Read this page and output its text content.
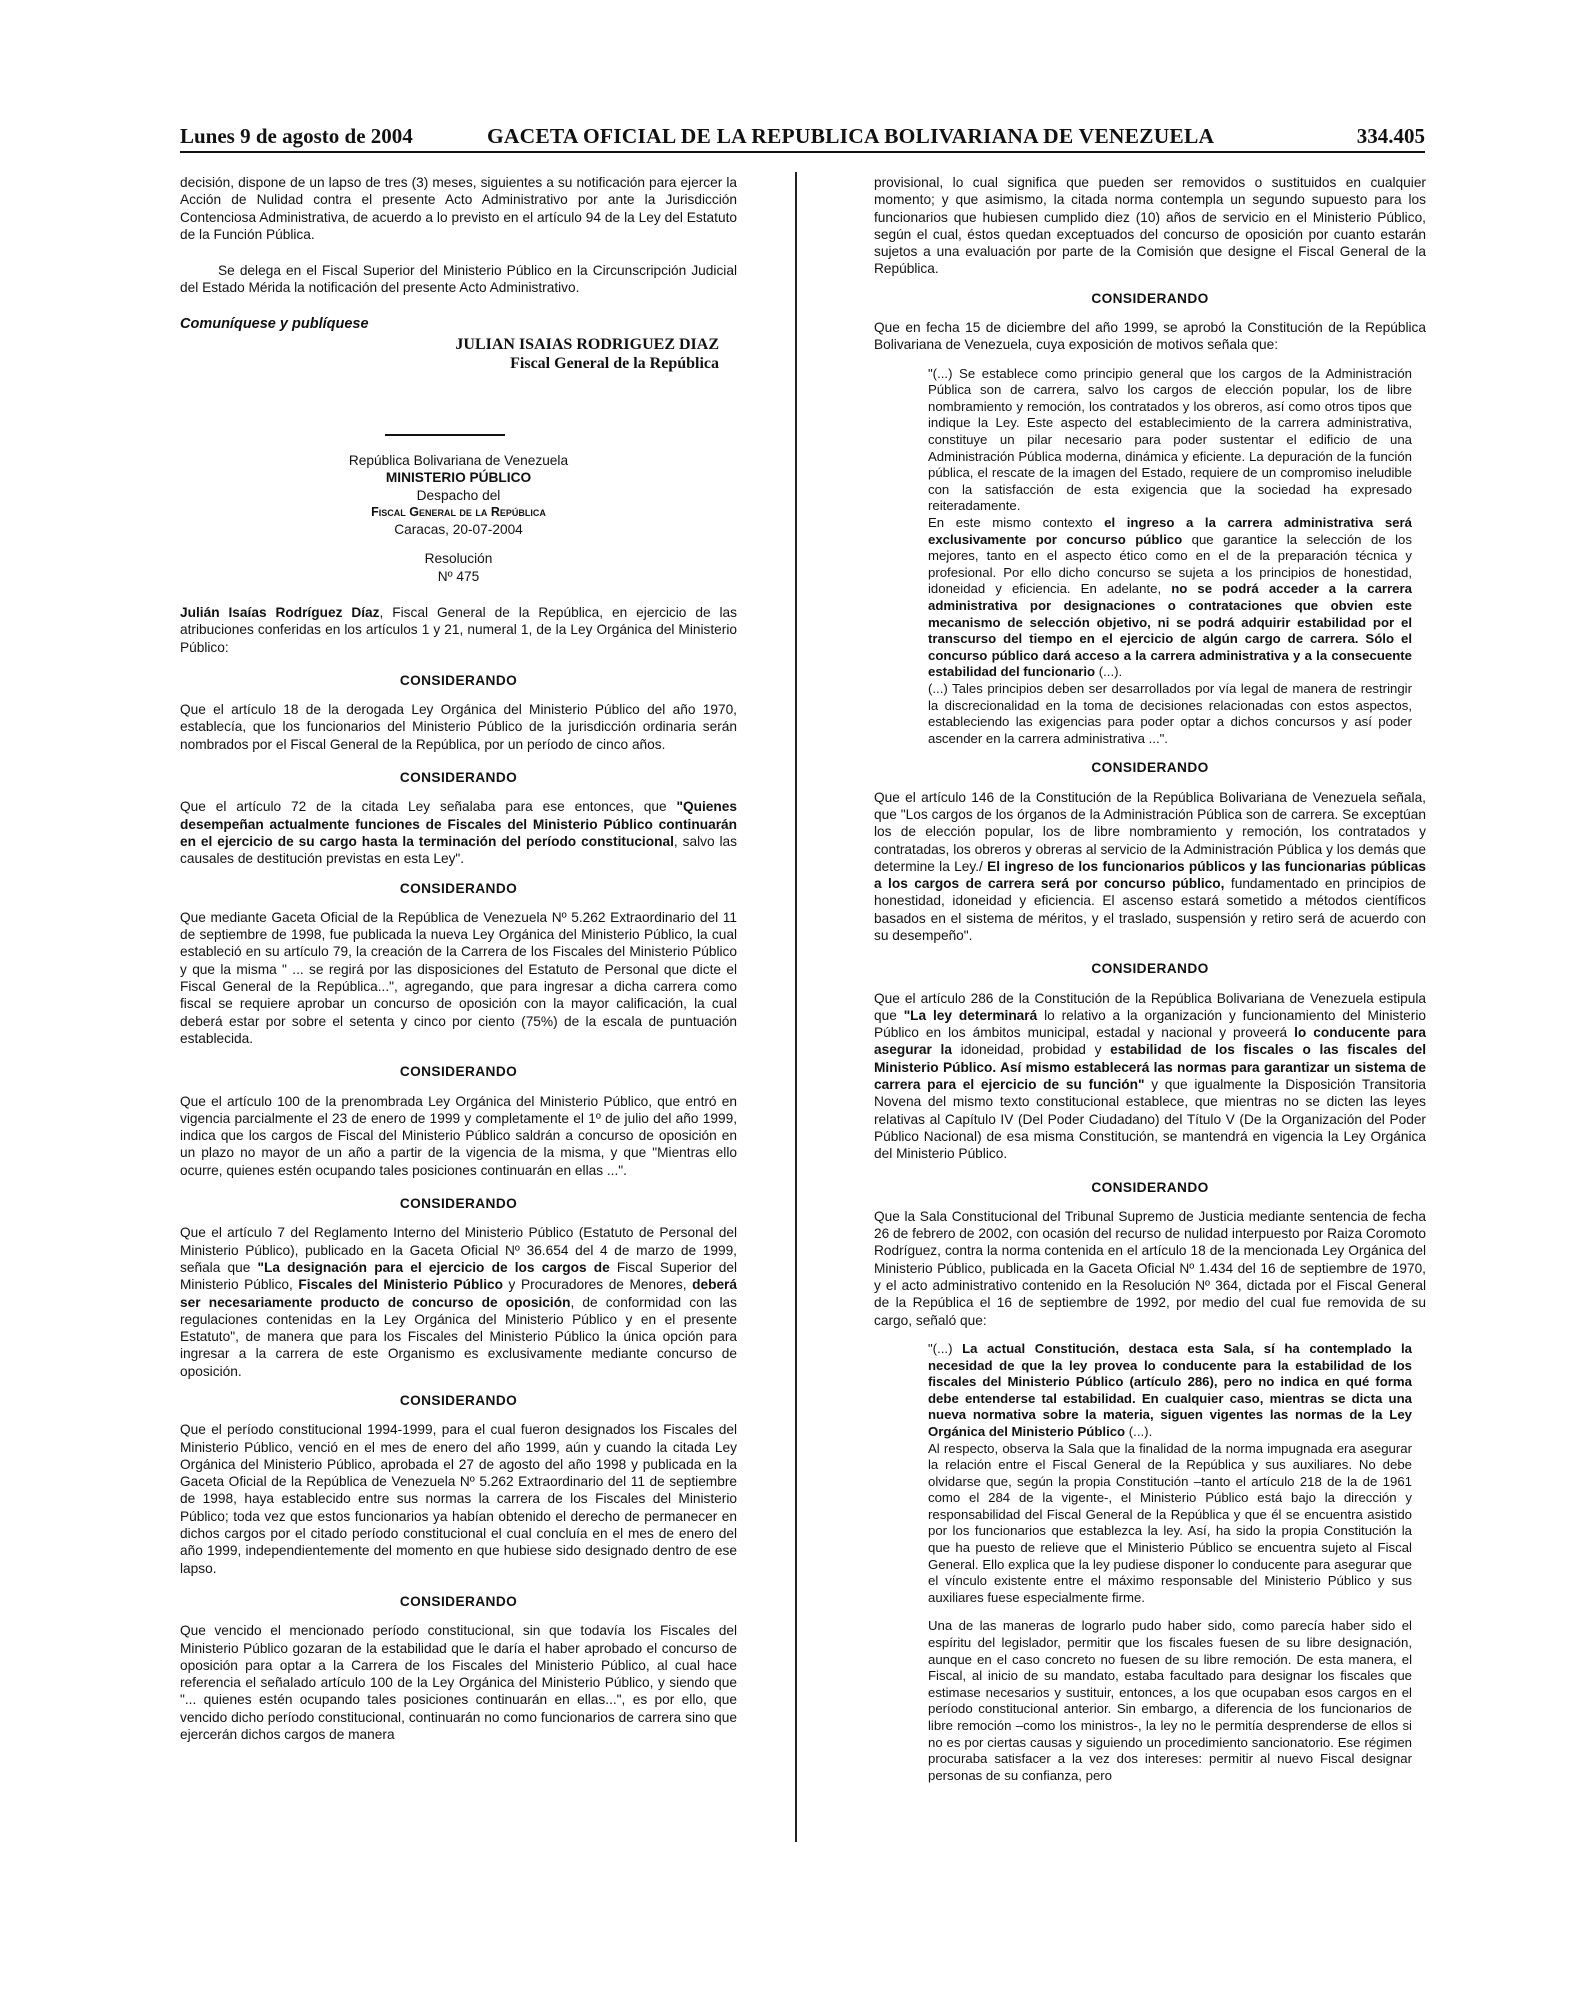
Lunes 9 de agosto de 2004	GACETA OFICIAL DE LA REPUBLICA BOLIVARIANA DE VENEZUELA	334.405

decisión, dispone de un lapso de tres (3) meses, siguientes a su notificación para ejercer la Acción de Nulidad contra el presente Acto Administrativo por ante la Jurisdicción Contenciosa Administrativa, de acuerdo a lo previsto en el artículo 94 de la Ley del Estatuto de la Función Pública.

Se delega en el Fiscal Superior del Ministerio Público en la Circunscripción Judicial del Estado Mérida la notificación del presente Acto Administrativo.

Comuníquese y publíquese

JULIAN ISAIAS RODRIGUEZ DIAZ

Fiscal General de la República

República Bolivariana de Venezuela

MINISTERIO PÚBLICO

Despacho del

Fiscal General de la República

Caracas, 20-07-2004

Resolución

Nº 475

Julián Isaías Rodríguez Díaz, Fiscal General de la República, en ejercicio de las atribuciones conferidas en los artículos 1 y 21, numeral 1, de la Ley Orgánica del Ministerio Público:

CONSIDERANDO

Que el artículo 18 de la derogada Ley Orgánica del Ministerio Público del año 1970, establecía, que los funcionarios del Ministerio Público de la jurisdicción ordinaria serán nombrados por el Fiscal General de la República, por un período de cinco años.

CONSIDERANDO

Que el artículo 72 de la citada Ley señalaba para ese entonces, que "Quienes desempeñan actualmente funciones de Fiscales del Ministerio Público continuarán en el ejercicio de su cargo hasta la terminación del período constitucional, salvo las causales de destitución previstas en esta Ley".

CONSIDERANDO

Que mediante Gaceta Oficial de la República de Venezuela Nº 5.262 Extraordinario del 11 de septiembre de 1998, fue publicada la nueva Ley Orgánica del Ministerio Público, la cual estableció en su artículo 79, la creación de la Carrera de los Fiscales del Ministerio Público y que la misma " ... se regirá por las disposiciones del Estatuto de Personal que dicte el Fiscal General de la República...", agregando, que para ingresar a dicha carrera como fiscal se requiere aprobar un concurso de oposición con la mayor calificación, la cual deberá estar por sobre el setenta y cinco por ciento (75%) de la escala de puntuación establecida.

CONSIDERANDO

Que el artículo 100 de la prenombrada Ley Orgánica del Ministerio Público, que entró en vigencia parcialmente el 23 de enero de 1999 y completamente el 1º de julio del año 1999, indica que los cargos de Fiscal del Ministerio Público saldrán a concurso de oposición en un plazo no mayor de un año a partir de la vigencia de la misma, y que "Mientras ello ocurre, quienes estén ocupando tales posiciones continuarán en ellas ...".

CONSIDERANDO

Que el artículo 7 del Reglamento Interno del Ministerio Público (Estatuto de Personal del Ministerio Público), publicado en la Gaceta Oficial Nº 36.654 del 4 de marzo de 1999, señala que "La designación para el ejercicio de los cargos de Fiscal Superior del Ministerio Público, Fiscales del Ministerio Público y Procuradores de Menores, deberá ser necesariamente producto de concurso de oposición, de conformidad con las regulaciones contenidas en la Ley Orgánica del Ministerio Público y en el presente Estatuto", de manera que para los Fiscales del Ministerio Público la única opción para ingresar a la carrera de este Organismo es exclusivamente mediante concurso de oposición.

CONSIDERANDO

Que el período constitucional 1994-1999, para el cual fueron designados los Fiscales del Ministerio Público, venció en el mes de enero del año 1999, aún y cuando la citada Ley Orgánica del Ministerio Público, aprobada el 27 de agosto del año 1998 y publicada en la Gaceta Oficial de la República de Venezuela Nº 5.262 Extraordinario del 11 de septiembre de 1998, haya establecido entre sus normas la carrera de los Fiscales del Ministerio Público; toda vez que estos funcionarios ya habían obtenido el derecho de permanecer en dichos cargos por el citado período constitucional el cual concluía en el mes de enero del año 1999, independientemente del momento en que hubiese sido designado dentro de ese lapso.

CONSIDERANDO

Que vencido el mencionado período constitucional, sin que todavía los Fiscales del Ministerio Público gozaran de la estabilidad que le daría el haber aprobado el concurso de oposición para optar a la Carrera de los Fiscales del Ministerio Público, al cual hace referencia el señalado artículo 100 de la Ley Orgánica del Ministerio Público, y siendo que "... quienes estén ocupando tales posiciones continuarán en ellas...", es por ello, que vencido dicho período constitucional, continuarán no como funcionarios de carrera sino que ejercerán dichos cargos de manera

provisional, lo cual significa que pueden ser removidos o sustituidos en cualquier momento; y que asimismo, la citada norma contempla un segundo supuesto para los funcionarios que hubiesen cumplido diez (10) años de servicio en el Ministerio Público, según el cual, éstos quedan exceptuados del concurso de oposición por cuanto estarán sujetos a una evaluación por parte de la Comisión que designe el Fiscal General de la República.

CONSIDERANDO

Que en fecha 15 de diciembre del año 1999, se aprobó la Constitución de la República Bolivariana de Venezuela, cuya exposición de motivos señala que:

"(...) Se establece como principio general que los cargos de la Administración Pública son de carrera, salvo los cargos de elección popular, los de libre nombramiento y remoción, los contratados y los obreros, así como otros tipos que indique la Ley. Este aspecto del establecimiento de la carrera administrativa, constituye un pilar necesario para poder sustentar el edificio de una Administración Pública moderna, dinámica y eficiente. La depuración de la función pública, el rescate de la imagen del Estado, requiere de un compromiso ineludible con la satisfacción de esta exigencia que la sociedad ha expresado reiteradamente.

En este mismo contexto el ingreso a la carrera administrativa será exclusivamente por concurso público que garantice la selección de los mejores, tanto en el aspecto ético como en el de la preparación técnica y profesional. Por ello dicho concurso se sujeta a los principios de honestidad, idoneidad y eficiencia. En adelante, no se podrá acceder a la carrera administrativa por designaciones o contrataciones que obvien este mecanismo de selección objetivo, ni se podrá adquirir estabilidad por el transcurso del tiempo en el ejercicio de algún cargo de carrera. Sólo el concurso público dará acceso a la carrera administrativa y a la consecuente estabilidad del funcionario (...).

(...) Tales principios deben ser desarrollados por vía legal de manera de restringir la discrecionalidad en la toma de decisiones relacionadas con estos aspectos, estableciendo las exigencias para poder optar a dichos concursos y así poder ascender en la carrera administrativa ...".

CONSIDERANDO

Que el artículo 146 de la Constitución de la República Bolivariana de Venezuela señala, que "Los cargos de los órganos de la Administración Pública son de carrera. Se exceptúan los de elección popular, los de libre nombramiento y remoción, los contratados y contratadas, los obreros y obreras al servicio de la Administración Pública y los demás que determine la Ley./ El ingreso de los funcionarios públicos y las funcionarias públicas a los cargos de carrera será por concurso público, fundamentado en principios de honestidad, idoneidad y eficiencia. El ascenso estará sometido a métodos científicos basados en el sistema de méritos, y el traslado, suspensión y retiro será de acuerdo con su desempeño".

CONSIDERANDO

Que el artículo 286 de la Constitución de la República Bolivariana de Venezuela estipula que "La ley determinará lo relativo a la organización y funcionamiento del Ministerio Público en los ámbitos municipal, estadal y nacional y proveerá lo conducente para asegurar la idoneidad, probidad y estabilidad de los fiscales o las fiscales del Ministerio Público. Así mismo establecerá las normas para garantizar un sistema de carrera para el ejercicio de su función" y que igualmente la Disposición Transitoria Novena del mismo texto constitucional establece, que mientras no se dicten las leyes relativas al Capítulo IV (Del Poder Ciudadano) del Título V (De la Organización del Poder Público Nacional) de esa misma Constitución, se mantendrá en vigencia la Ley Orgánica del Ministerio Público.

CONSIDERANDO

Que la Sala Constitucional del Tribunal Supremo de Justicia mediante sentencia de fecha 26 de febrero de 2002, con ocasión del recurso de nulidad interpuesto por Raiza Coromoto Rodríguez, contra la norma contenida en el artículo 18 de la mencionada Ley Orgánica del Ministerio Público, publicada en la Gaceta Oficial Nº 1.434 del 16 de septiembre de 1970, y el acto administrativo contenido en la Resolución Nº 364, dictada por el Fiscal General de la República el 16 de septiembre de 1992, por medio del cual fue removida de su cargo, señaló que:

"(...) La actual Constitución, destaca esta Sala, sí ha contemplado la necesidad de que la ley provea lo conducente para la estabilidad de los fiscales del Ministerio Público (artículo 286), pero no indica en qué forma debe entenderse tal estabilidad. En cualquier caso, mientras se dicta una nueva normativa sobre la materia, siguen vigentes las normas de la Ley Orgánica del Ministerio Público (...).

Al respecto, observa la Sala que la finalidad de la norma impugnada era asegurar la relación entre el Fiscal General de la República y sus auxiliares. No debe olvidarse que, según la propia Constitución –tanto el artículo 218 de la de 1961 como el 284 de la vigente-, el Ministerio Público está bajo la dirección y responsabilidad del Fiscal General de la República y que él se encuentra asistido por los funcionarios que establezca la ley. Así, ha sido la propia Constitución la que ha puesto de relieve que el Ministerio Público se encuentra sujeto al Fiscal General. Ello explica que la ley pudiese disponer lo conducente para asegurar que el vínculo existente entre el máximo responsable del Ministerio Público y sus auxiliares fuese especialmente firme.

Una de las maneras de lograrlo pudo haber sido, como parecía haber sido el espíritu del legislador, permitir que los fiscales fuesen de su libre designación, aunque en el caso concreto no fuesen de su libre remoción. De esta manera, el Fiscal, al inicio de su mandato, estaba facultado para designar los fiscales que estimase necesarios y sustituir, entonces, a los que ocupaban esos cargos en el período constitucional anterior. Sin embargo, a diferencia de los funcionarios de libre remoción –como los ministros-, la ley no le permitía desprenderse de ellos si no es por ciertas causas y siguiendo un procedimiento sancionatorio. Ese régimen procuraba satisfacer a la vez dos intereses: permitir al nuevo Fiscal designar personas de su confianza, pero
